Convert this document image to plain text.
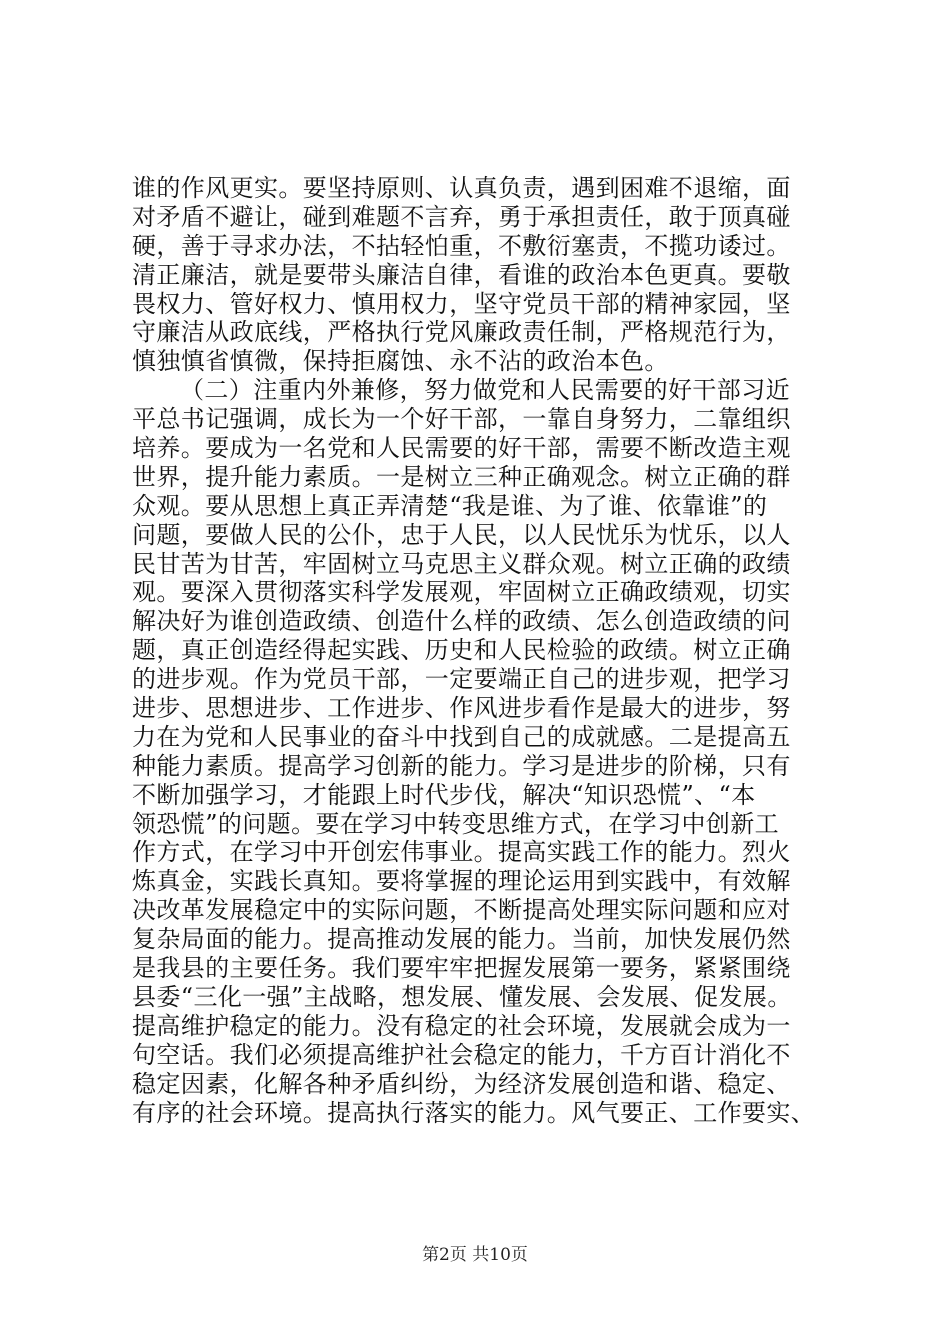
谁的作风更实。要坚持原则、认真负责，遇到困难不退缩，面
对矛盾不避让，碰到难题不言弃，勇于承担责任，敢于顶真碰
硬，善于寻求办法，不拈轻怕重，不敷衍塞责，不揽功诿过。
清正廉洁，就是要带头廉洁自律，看谁的政治本色更真。要敬
畏权力、管好权力、慎用权力，坚守党员干部的精神家园，坚
守廉洁从政底线，严格执行党风廉政责任制，严格规范行为，
慎独慎省慎微，保持拒腐蚀、永不沾的政治本色。
（二）注重内外兼修，努力做党和人民需要的好干部习近
平总书记强调，成长为一个好干部，一靠自身努力，二靠组织
培养。要成为一名党和人民需要的好干部，需要不断改造主观
世界，提升能力素质。一是树立三种正确观念。树立正确的群
众观。要从思想上真正弄清楚“我是谁、为了谁、依靠谁”的
问题，要做人民的公仆，忠于人民，以人民忧乐为忧乐，以人
民甘苦为甘苦，牢固树立马克思主义群众观。树立正确的政绩
观。要深入贯彻落实科学发展观，牢固树立正确政绩观，切实
解决好为谁创造政绩、创造什么样的政绩、怎么创造政绩的问
题，真正创造经得起实践、历史和人民检验的政绩。树立正确
的进步观。作为党员干部，一定要端正自己的进步观，把学习
进步、思想进步、工作进步、作风进步看作是最大的进步，努
力在为党和人民事业的奋斗中找到自己的成就感。二是提高五
种能力素质。提高学习创新的能力。学习是进步的阶梯，只有
不断加强学习，才能跟上时代步伐，解决“知识恐慌”、“本
领恐慌”的问题。要在学习中转变思维方式，在学习中创新工
作方式，在学习中开创宏伟事业。提高实践工作的能力。烈火
炼真金，实践长真知。要将掌握的理论运用到实践中，有效解
决改革发展稳定中的实际问题，不断提高处理实际问题和应对
复杂局面的能力。提高推动发展的能力。当前，加快发展仍然
是我县的主要任务。我们要牢牢把握发展第一要务，紧紧围绕
县委“三化一强”主战略，想发展、懂发展、会发展、促发展。
提高维护稳定的能力。没有稳定的社会环境，发展就会成为一
句空话。我们必须提高维护社会稳定的能力，千方百计消化不
稳定因素，化解各种矛盾纠纷，为经济发展创造和谐、稳定、
有序的社会环境。提高执行落实的能力。风气要正、工作要实、
第2页 共10页
